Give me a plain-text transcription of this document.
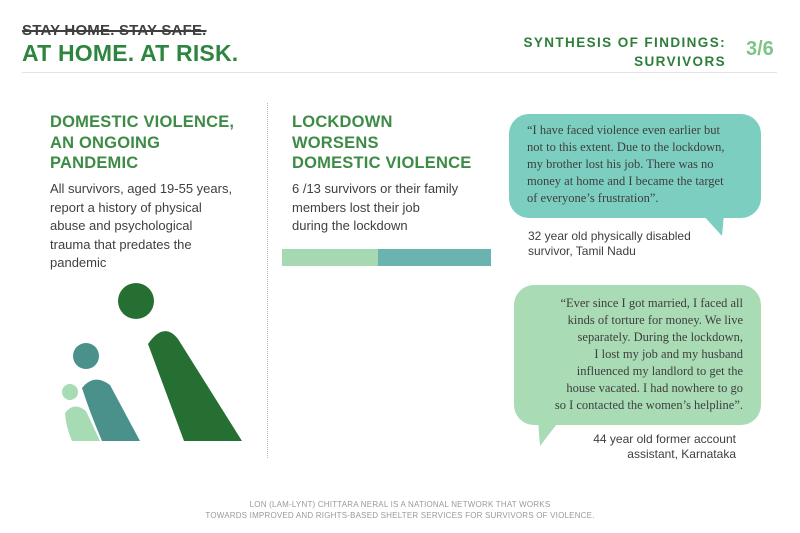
STAY HOME. STAY SAFE.
AT HOME. AT RISK.	SYNTHESIS OF FINDINGS:
SURVIVORS
3/6
DOMESTIC VIOLENCE,
AN ONGOING
PANDEMIC
All survivors, aged 19-55 years,
report a history of physical
abuse and psychological
trauma that predates the
pandemic
LOCKDOWN
WORSENS
DOMESTIC VIOLENCE
6 /13 survivors or their family
members lost their job
during the lockdown
“I have faced violence even earlier but
not to this extent. Due to the lockdown,
my brother lost his job. There was no
money at home and I became the target
of everyone’s frustration”.
32 year old physically disabled
survivor, Tamil Nadu
“Ever since I got married, I faced all
kinds of torture for money. We live
separately. During the lockdown,
I lost my job and my husband
influenced my landlord to get the
house vacated. I had nowhere to go
so I contacted the women’s helpline”.
44 year old former account
assistant, Karnataka
LON (LAM-LYNT) CHITTARA NERAL IS A NATIONAL NETWORK THAT WORKS
TOWARDS IMPROVED AND RIGHTS-BASED SHELTER SERVICES FOR SURVIVORS OF VIOLENCE.
